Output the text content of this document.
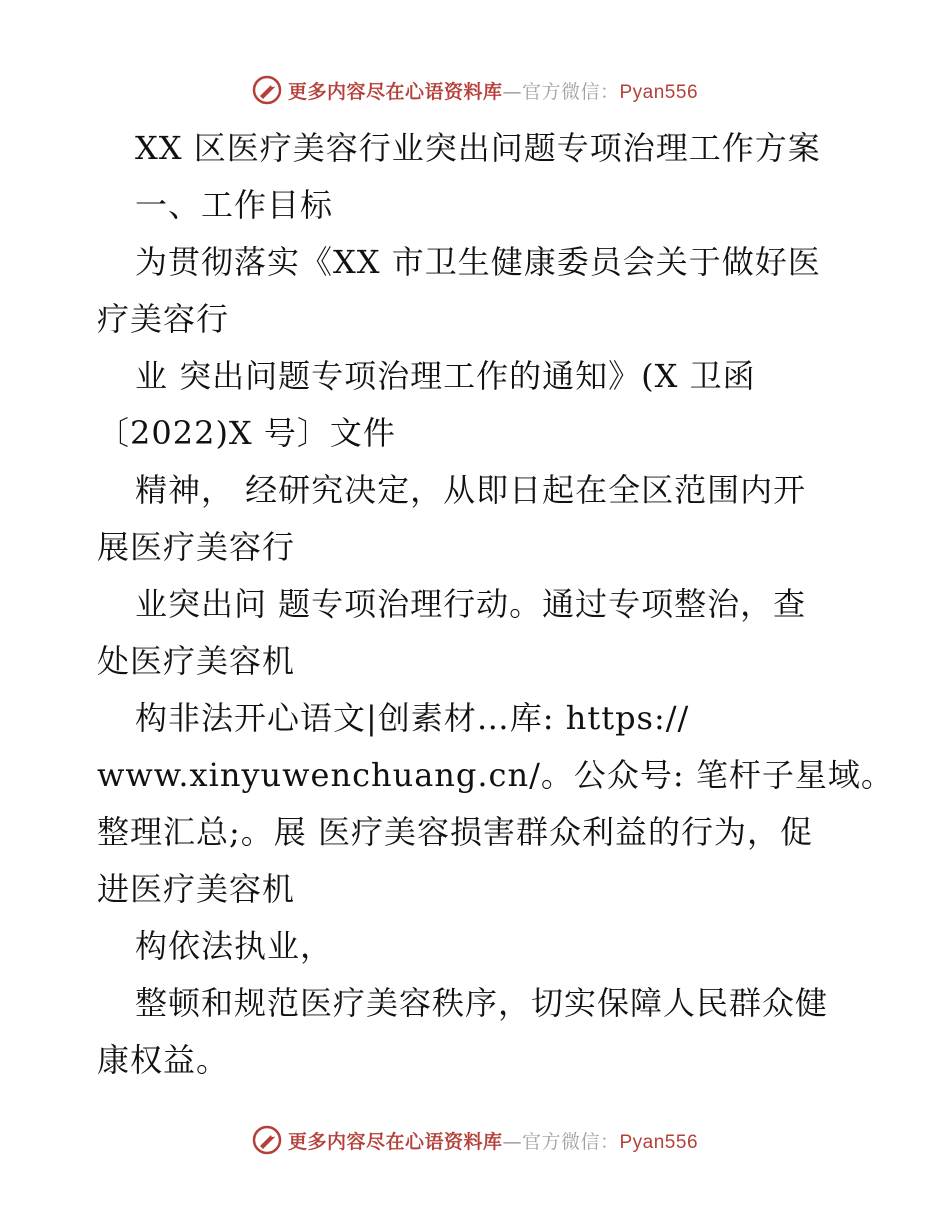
更多内容尽在心语资料库—官方微信：Pyan556
XX 区医疗美容行业突出问题专项治理工作方案
一、工作目标
为贯彻落实《XX 市卫生健康委员会关于做好医
疗美容行
业 突出问题专项治理工作的通知》(X 卫函
〔2022)X 号〕文件
精神， 经研究决定，从即日起在全区范围内开
展医疗美容行
业突出问 题专项治理行动。通过专项整治，查
处医疗美容机
构非法开心语文|创素材…库: https://
www.xinyuwenchuang.cn/。公众号: 笔杆子星域。
整理汇总;。展 医疗美容损害群众利益的行为，促
进医疗美容机
构依法执业，
整顿和规范医疗美容秩序，切实保障人民群众健
康权益。
更多内容尽在心语资料库—官方微信：Pyan556
